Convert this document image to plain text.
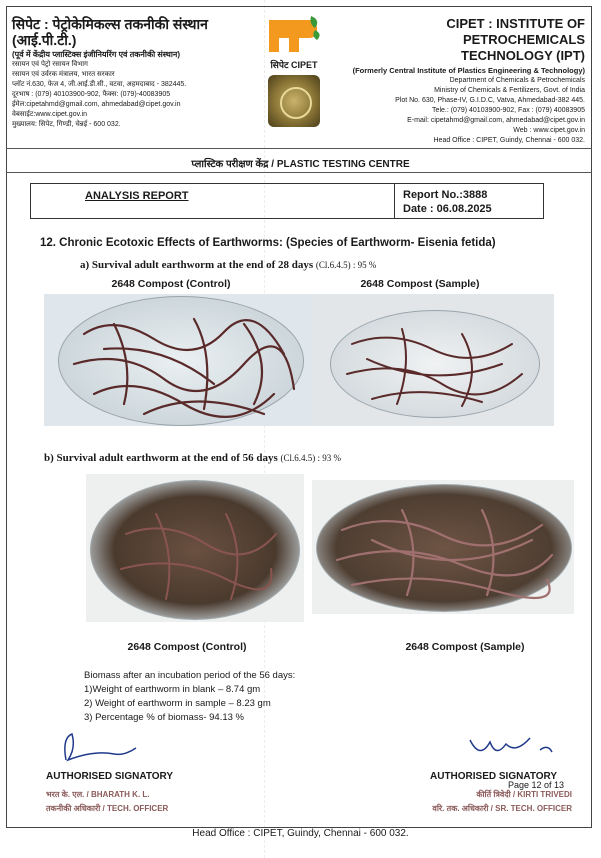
सिपेट : पेट्रोकेमिकल्स तकनीकी संस्थान (आई.पी.टी.)
(पूर्व में केंद्रीय प्लास्टिक्स इंजीनियरिंग एवं तकनीकी संस्थान)
रसायन एवं पेट्रो रसायन विभाग
रसायन एवं उर्वरक मंत्रालय, भारत सरकार
प्लॉट नं.630, फेज 4, जी.आई.डी.सी., वटवा, अहमदाबाद - 382445.
दूरभाष : (079) 40103900-902, फैक्स: (079)-40083905
ईमेल:cipetahmd@gmail.com, ahmedabad@cipet.gov.in
वेबसाईट:www.cipet.gov.in
मुख्यालय: सिपेट, गिण्डी, चेन्नई - 600 032.
सिपेट CIPET
CIPET : INSTITUTE OF PETROCHEMICALS
TECHNOLOGY (IPT)
(Formerly Central Institute of Plastics Engineering & Technology)
Department of Chemicals & Petrochemicals
Ministry of Chemicals & Fertilizers, Govt. of India
Plot No. 630, Phase-IV, G.I.D.C, Vatva, Ahmedabad-382 445.
Tele.: (079) 40103900-902, Fax : (079) 40083905
E-mail: cipetahmd@gmail.com, ahmedabad@cipet.gov.in
Web : www.cipet.gov.in
Head Office : CIPET, Guindy, Chennai - 600 032.
प्लास्टिक परीक्षण केंद्र / PLASTIC TESTING CENTRE
ANALYSIS REPORT	Report No.:3888
Date : 06.08.2025
12. Chronic Ecotoxic Effects of Earthworms: (Species of Earthworm- Eisenia fetida)
a) Survival adult earthworm at the end of 28 days (Cl.6.4.5) : 95 %
2648 Compost (Control)	2648 Compost (Sample)
b) Survival adult earthworm at the end of 56 days (Cl.6.4.5) : 93 %
2648 Compost (Control)	2648 Compost (Sample)
Biomass after an incubation period of the 56 days:
1)Weight of earthworm in blank – 8.74 gm
2) Weight of earthworm in sample – 8.23 gm
3) Percentage % of biomass- 94.13 %
AUTHORISED SIGNATORY
भरत के. एल. / BHARATH K. L.
तकनीकी अधिकारी / TECH. OFFICER
AUTHORISED SIGNATORY
कीर्ति त्रिवेदी / KIRTI TRIVEDI
वरि. तक. अधिकारी / SR. TECH. OFFICER
Page 12 of 13
Head Office : CIPET, Guindy, Chennai - 600 032.
